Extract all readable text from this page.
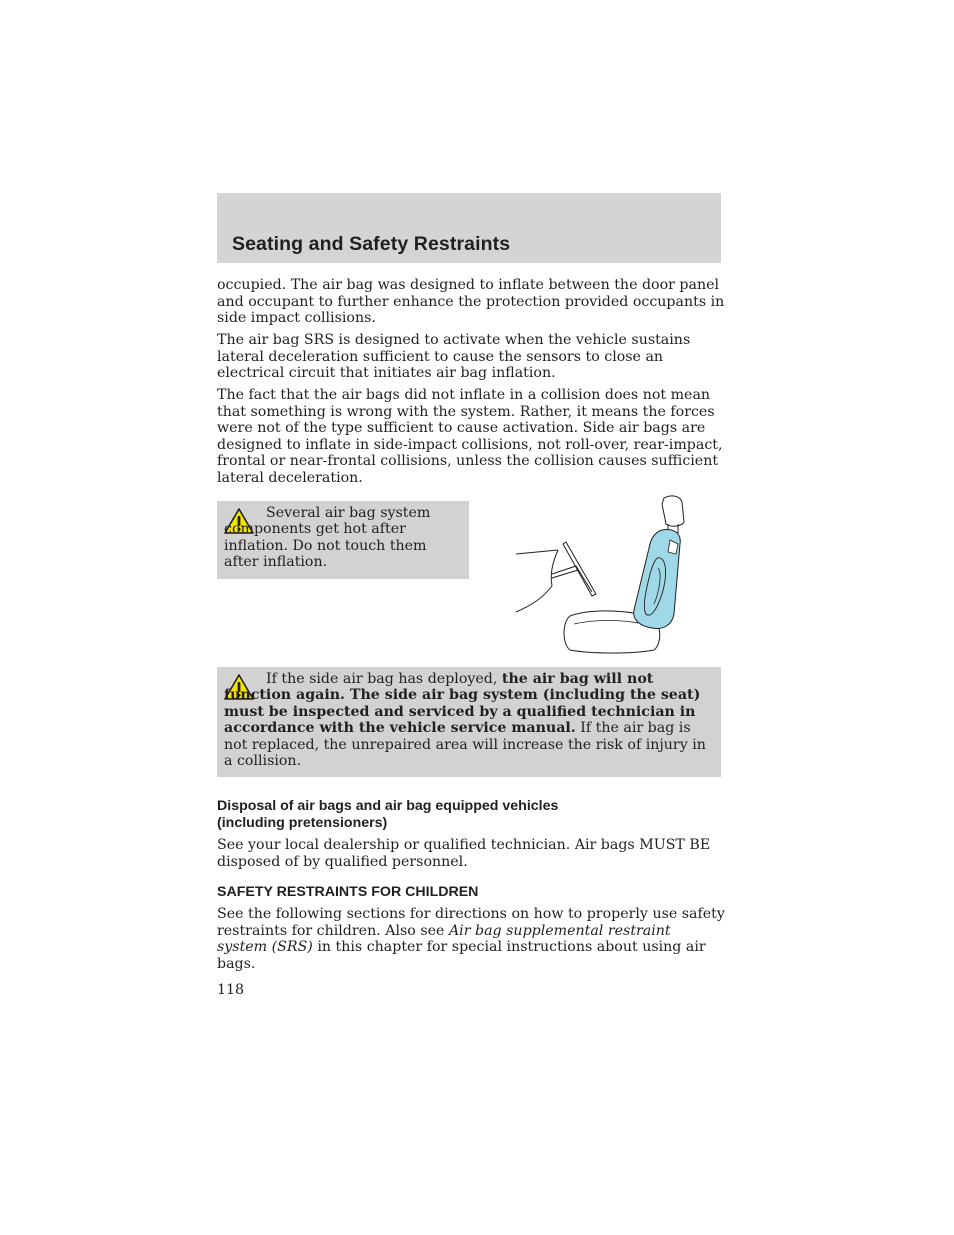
Seating and Safety Restraints

occupied. The air bag was designed to inflate between the door panel and occupant to further enhance the protection provided occupants in side impact collisions.

The air bag SRS is designed to activate when the vehicle sustains lateral deceleration sufficient to cause the sensors to close an electrical circuit that initiates air bag inflation.

The fact that the air bags did not inflate in a collision does not mean that something is wrong with the system. Rather, it means the forces were not of the type sufficient to cause activation. Side air bags are designed to inflate in side-impact collisions, not roll-over, rear-impact, frontal or near-frontal collisions, unless the collision causes sufficient lateral deceleration.

Several air bag system components get hot after inflation. Do not touch them after inflation.

If the side air bag has deployed, the air bag will not function again. The side air bag system (including the seat) must be inspected and serviced by a qualified technician in accordance with the vehicle service manual. If the air bag is not replaced, the unrepaired area will increase the risk of injury in a collision.

Disposal of air bags and air bag equipped vehicles
(including pretensioners)

See your local dealership or qualified technician. Air bags MUST BE disposed of by qualified personnel.

SAFETY RESTRAINTS FOR CHILDREN

See the following sections for directions on how to properly use safety restraints for children. Also see Air bag supplemental restraint system (SRS) in this chapter for special instructions about using air bags.

118
